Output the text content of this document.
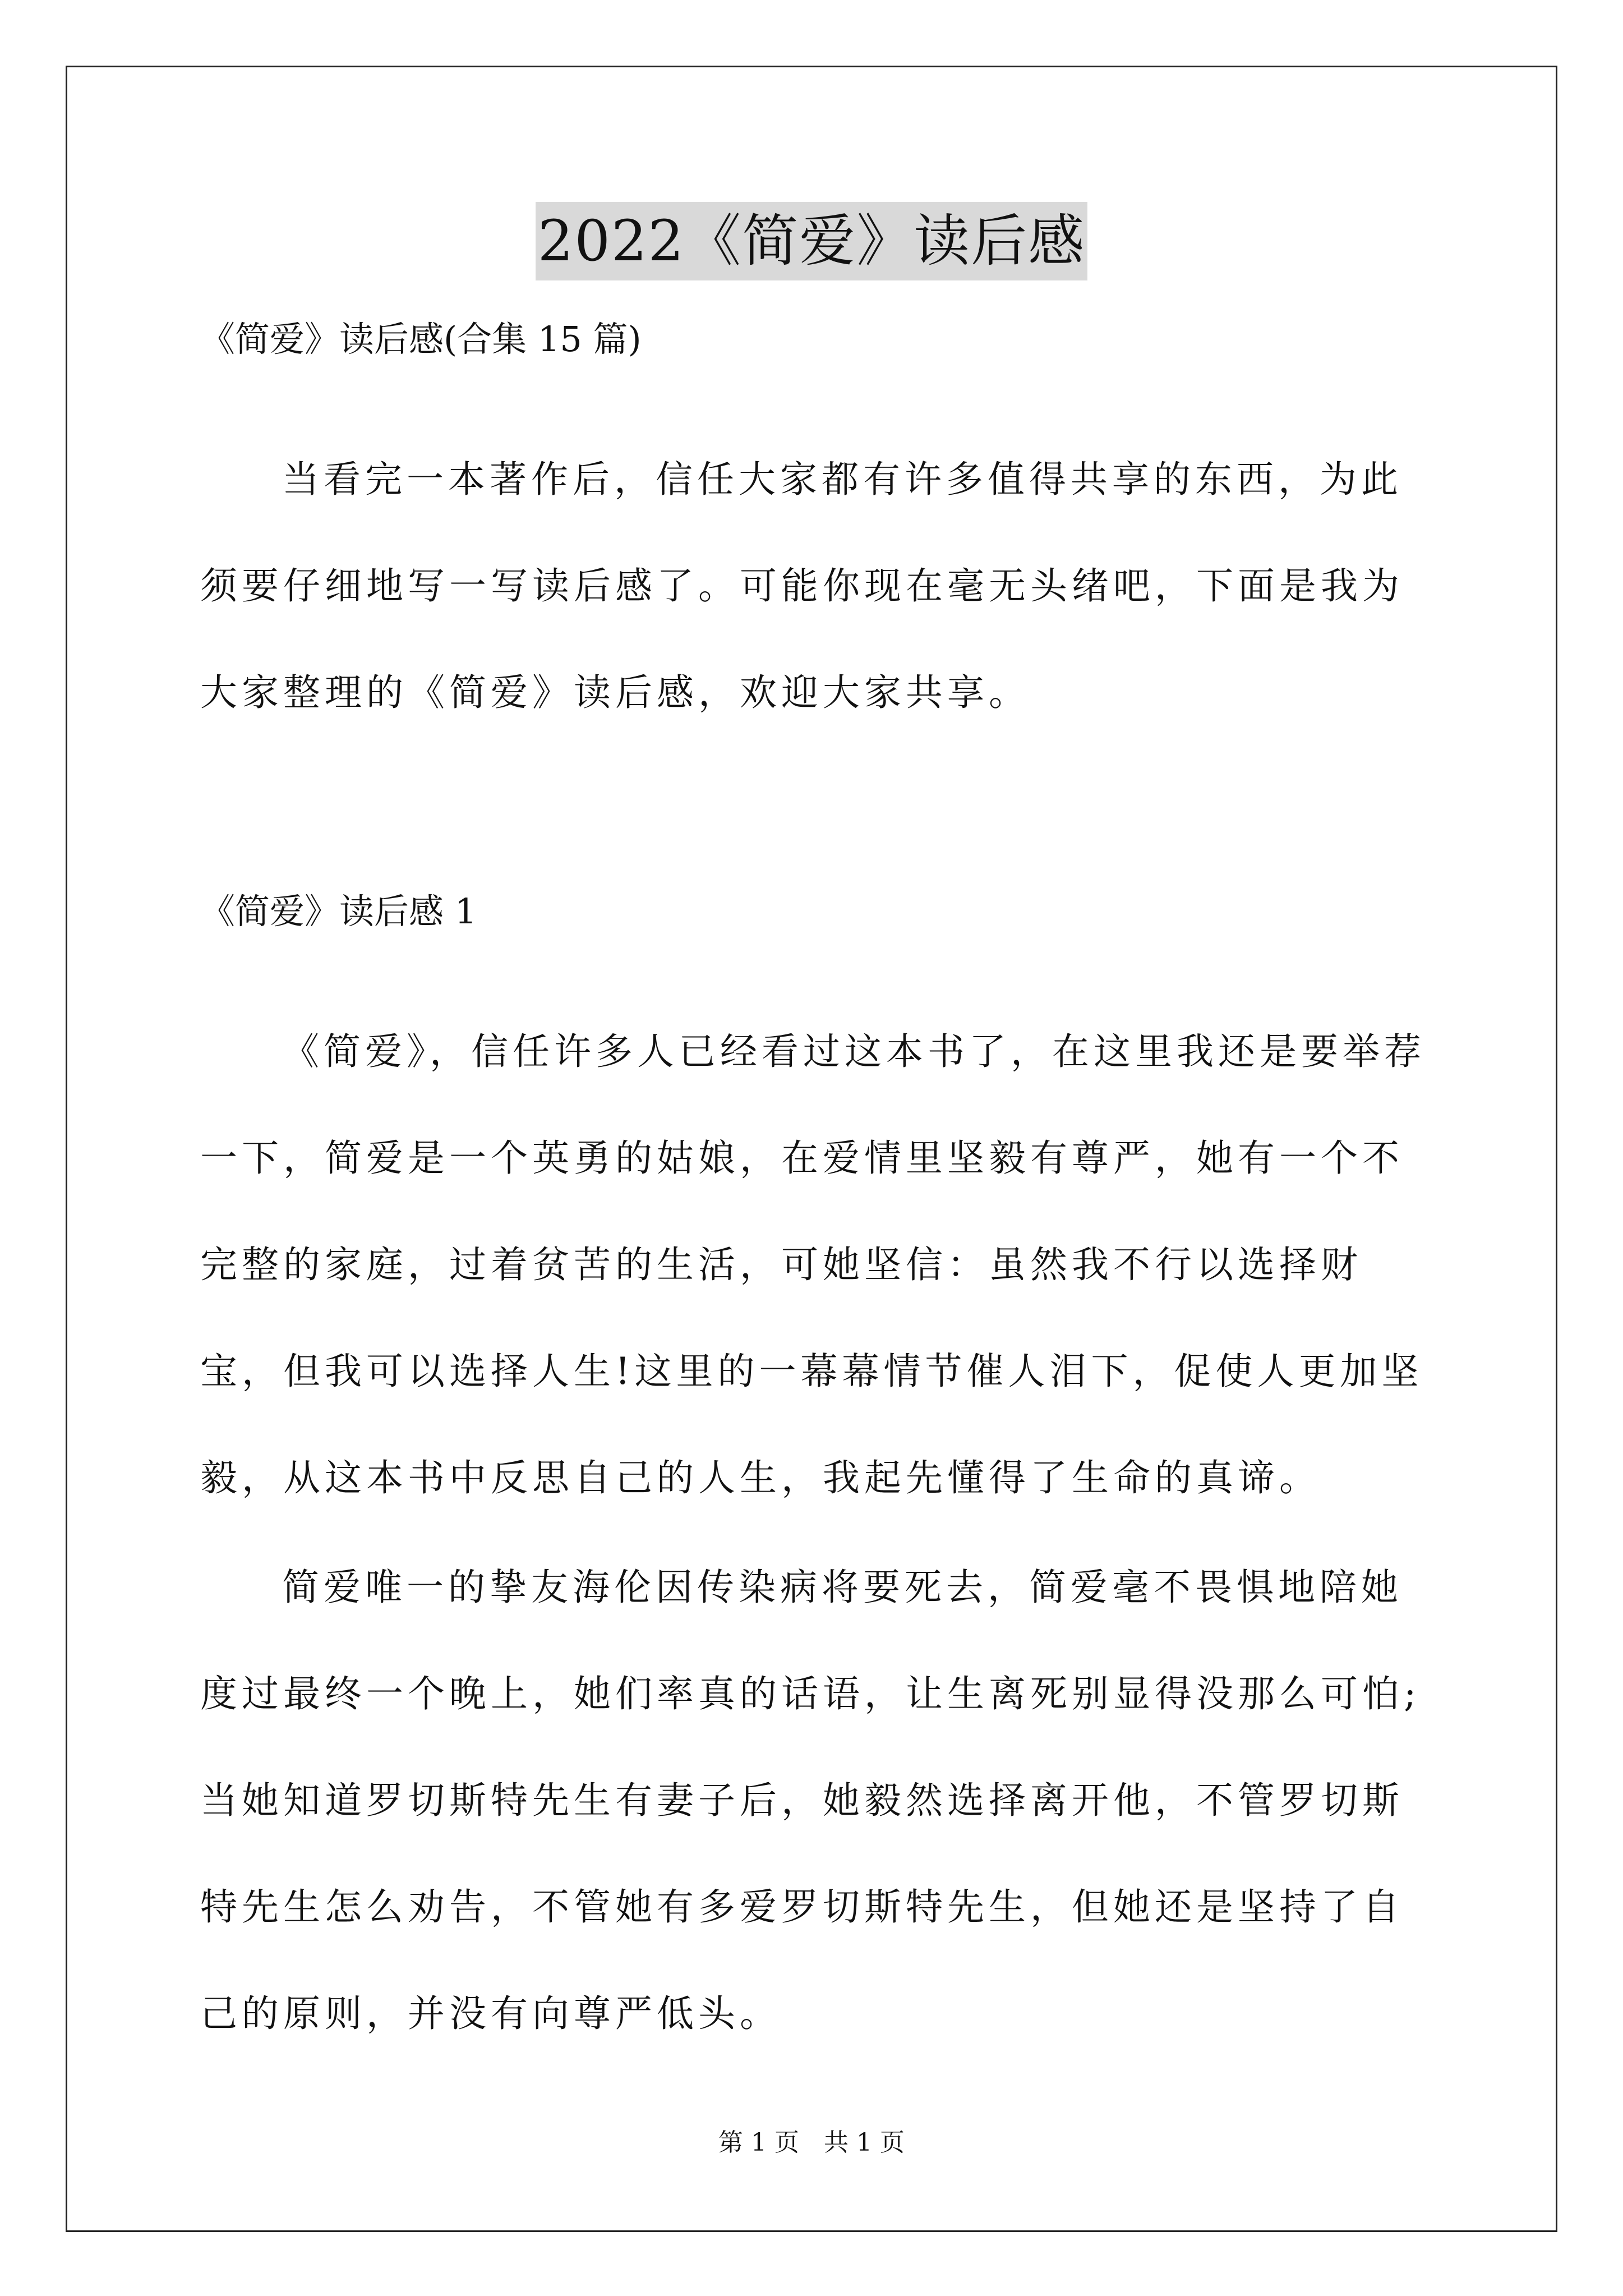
2022《简爱》读后感
《简爱》读后感(合集 15 篇)
当看完一本著作后，信任大家都有许多值得共享的东西，为此须要仔细地写一写读后感了。可能你现在毫无头绪吧，下面是我为大家整理的《简爱》读后感，欢迎大家共享。
《简爱》读后感 1
《简爱》，信任许多人已经看过这本书了，在这里我还是要举荐一下，简爱是一个英勇的姑娘，在爱情里坚毅有尊严，她有一个不完整的家庭，过着贫苦的生活，可她坚信：虽然我不行以选择财宝，但我可以选择人生!这里的一幕幕情节催人泪下，促使人更加坚毅，从这本书中反思自己的人生，我起先懂得了生命的真谛。
简爱唯一的挚友海伦因传染病将要死去，简爱毫不畏惧地陪她度过最终一个晚上，她们率真的话语，让生离死别显得没那么可怕;当她知道罗切斯特先生有妻子后，她毅然选择离开他，不管罗切斯特先生怎么劝告，不管她有多爱罗切斯特先生，但她还是坚持了自己的原则，并没有向尊严低头。
第 1 页　共 1 页
